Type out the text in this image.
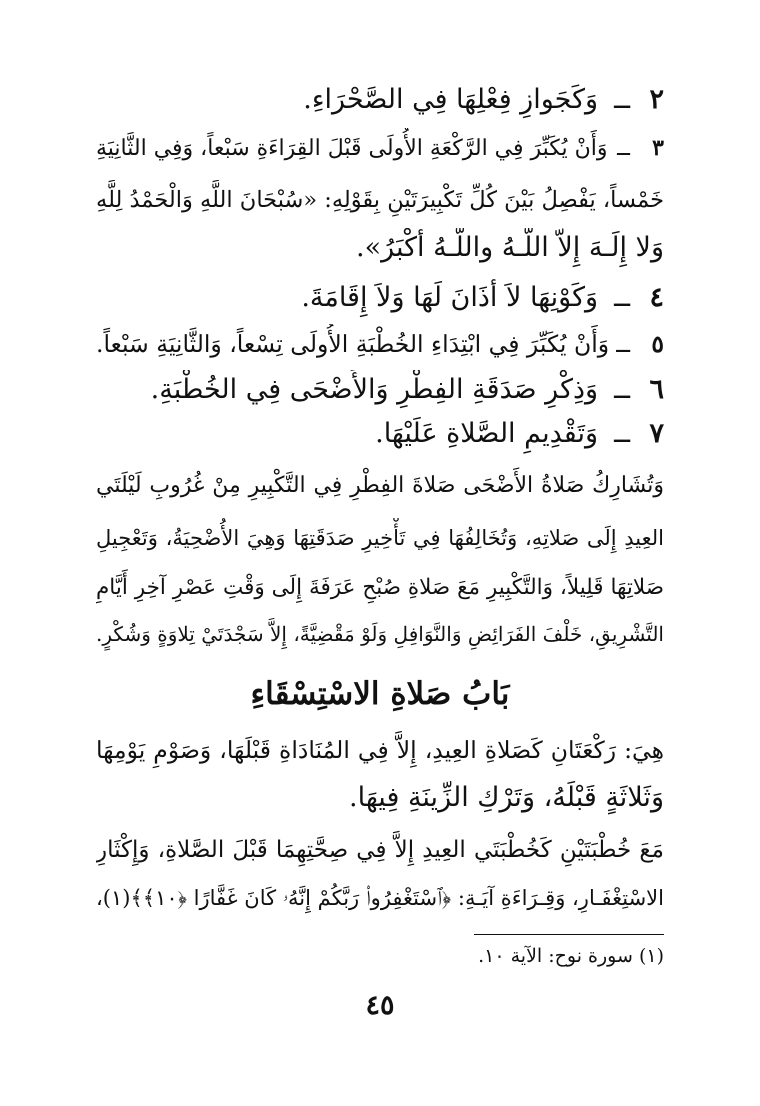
٢
ــ
وَكَجَوازِ فِعْلِهَا فِي الصَّحْرَاءِ.
٣
ــ
وَأَنْ يُكَبِّرَ فِي الرَّكْعَةِ الأُولَى قَبْلَ القِرَاءَةِ سَبْعاً، وَفِي الثَّانِيَةِ
خَمْساً، يَفْصِلُ بَيْنَ كُلِّ تَكْبِيرَتَيْنِ بِقَوْلِهِ: «سُبْحَانَ اللَّهِ وَالْحَمْدُ لِلَّهِ
وَلا إِلَـهَ إِلاَّ اللَّـهُ واللَّـهُ أَكْبَرُ».
٤
ــ
وَكَوْنِهَا لاَ أَذَانَ لَهَا وَلاَ إِقَامَةَ.
٥
ــ
وَأَنْ يُكَبِّرَ فِي ابْتِدَاءِ الخُطْبَةِ الأُولَى تِسْعاً، وَالثَّانِيَةِ سَبْعاً.
٦
ــ
وَذِكْرِ صَدَقَةِ الفِطْرِ وَالأَضْحَى فِي الخُطْبَةِ.
٧
ــ
وَتَقْدِيمِ الصَّلاةِ عَلَيْهَا.
وَتُشَارِكُ صَلاةُ الأَضْحَى صَلاةَ الفِطْرِ فِي التَّكْبِيرِ مِنْ غُرُوبِ لَيْلَتَي
العِيدِ إِلَى صَلاتِهِ، وَتُخَالِفُهَا فِي تَأْخِيرِ صَدَقَتِهَا وَهِيَ الأُضْحِيَةُ، وَتَعْجِيلِ
صَلاتِهَا قَلِيلاً، وَالتَّكْبِيرِ مَعَ صَلاةِ صُبْحِ عَرَفَةَ إِلَى وَقْتِ عَصْرِ آخِرِ أَيَّامِ
التَّشْرِيقِ، خَلْفَ الفَرَائِضِ وَالنَّوَافِلِ وَلَوْ مَقْضِيَّةً، إِلاَّ سَجْدَتَيْ تِلاوَةٍ وَشُكْرٍ.
بَابُ صَلاةِ الاسْتِسْقَاءِ
هِيَ: رَكْعَتَانِ كَصَلاةِ العِيدِ، إِلاَّ فِي المُنَادَاةِ قَبْلَهَا، وَصَوْمِ يَوْمِهَا
وَثَلاثَةٍ قَبْلَهُ، وَتَرْكِ الزِّينَةِ فِيهَا.
مَعَ خُطْبَتَيْنِ كَخُطْبَتَي العِيدِ إِلاَّ فِي صِحَّتِهِمَا قَبْلَ الصَّلاةِ، وَإِكْثَارِ
الاسْتِغْفَـارِ، وَقِـرَاءَةِ آيَـةِ: ﴿ٱسْتَغْفِرُوا۟ رَبَّكُمْ إِنَّهُۥ كَانَ غَفَّارًا ﴿١٠﴾﴾(١)،
(١) سورة نوح: الآية ١٠.
٤٥
